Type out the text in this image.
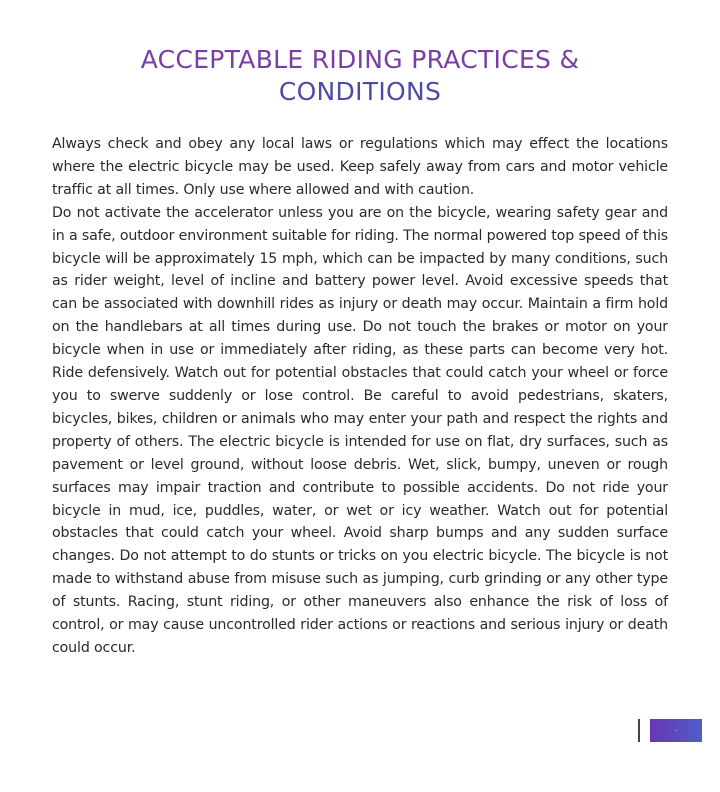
ACCEPTABLE RIDING PRACTICES &
CONDITIONS

Always check and obey any local laws or regulations which may effect the locations where the electric bicycle may be used. Keep safely away from cars and motor vehicle traffic at all times. Only use where allowed and with caution.

Do not activate the accelerator unless you are on the bicycle, wearing safety gear and in a safe, outdoor environment suitable for riding. The normal powered top speed of this bicycle will be approximately 15 mph, which can be impacted by many conditions, such as rider weight, level of incline and battery power level. Avoid excessive speeds that can be associated with downhill rides as injury or death may occur. Maintain a firm hold on the handlebars at all times during use. Do not touch the brakes or motor on your bicycle when in use or immediately after riding, as these parts can become very hot. Ride defensively. Watch out for potential obstacles that could catch your wheel or force you to swerve suddenly or lose control. Be careful to avoid pedestrians, skaters, bicycles, bikes, children or animals who may enter your path and respect the rights and property of others. The electric bicycle is intended for use on flat, dry surfaces, such as pavement or level ground, without loose debris. Wet, slick, bumpy, uneven or rough surfaces may impair traction and contribute to possible accidents. Do not ride your bicycle in mud, ice, puddles, water, or wet or icy weather. Watch out for potential obstacles that could catch your wheel. Avoid sharp bumps and any sudden surface changes. Do not attempt to do stunts or tricks on you electric bicycle. The bicycle is not made to withstand abuse from misuse such as jumping, curb grinding or any other type of stunts. Racing, stunt riding, or other maneuvers also enhance the risk of loss of control, or may cause uncontrolled rider actions or reactions and serious injury or death could occur.

-
